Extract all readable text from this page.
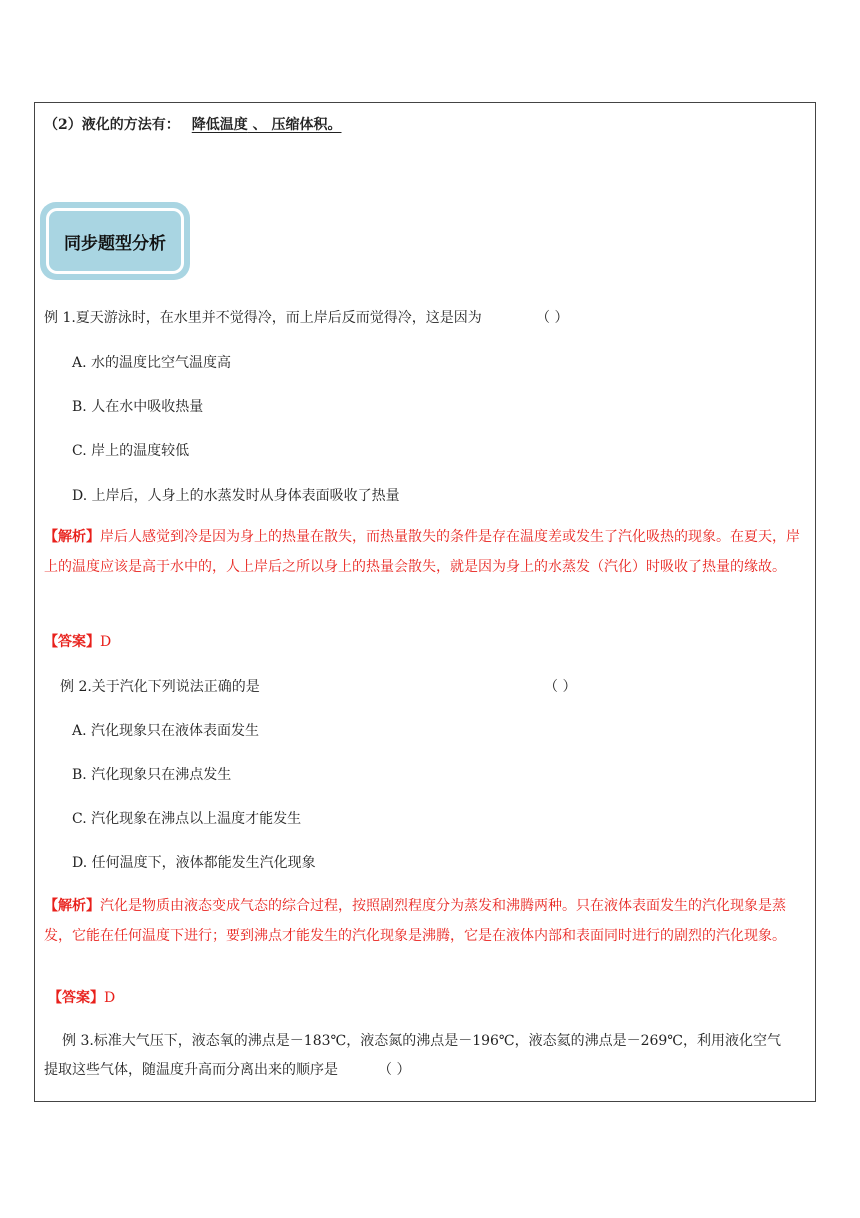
（2）液化的方法有： 降低温度 、 压缩体积。
同步题型分析
例 1.夏天游泳时，在水里并不觉得冷，而上岸后反而觉得冷，这是因为	（ ）
A. 水的温度比空气温度高
B. 人在水中吸收热量
C. 岸上的温度较低
D. 上岸后，人身上的水蒸发时从身体表面吸收了热量
【解析】岸后人感觉到冷是因为身上的热量在散失，而热量散失的条件是存在温度差或发生了汽化吸热的现象。在夏天，岸上的温度应该是高于水中的，人上岸后之所以身上的热量会散失，就是因为身上的水蒸发（汽化）时吸收了热量的缘故。
【答案】D
例 2.关于汽化下列说法正确的是	（ ）
A. 汽化现象只在液体表面发生
B. 汽化现象只在沸点发生
C. 汽化现象在沸点以上温度才能发生
D. 任何温度下，液体都能发生汽化现象
【解析】汽化是物质由液态变成气态的综合过程，按照剧烈程度分为蒸发和沸腾两种。只在液体表面发生的汽化现象是蒸发，它能在任何温度下进行；要到沸点才能发生的汽化现象是沸腾，它是在液体内部和表面同时进行的剧烈的汽化现象。
【答案】D
例 3.标准大气压下，液态氧的沸点是－183℃，液态氮的沸点是－196℃，液态氦的沸点是－269℃，利用液化空气
提取这些气体，随温度升高而分离出来的顺序是	（ ）
